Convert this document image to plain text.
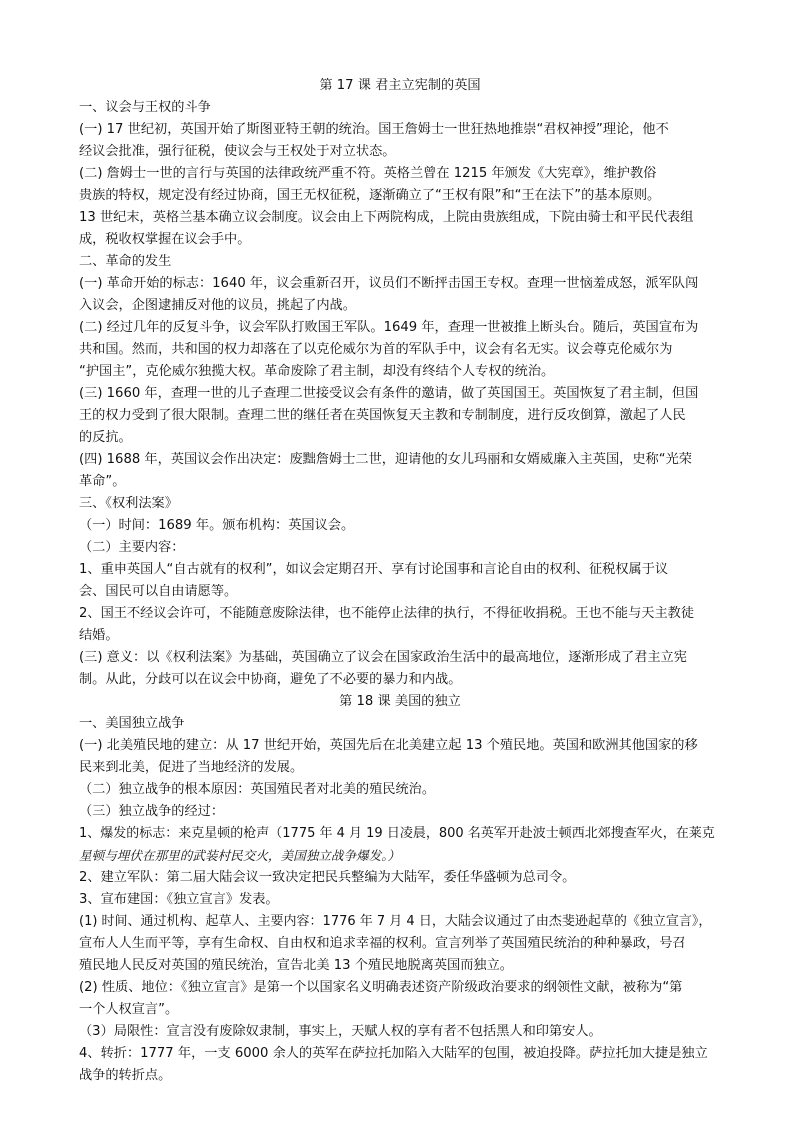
第 17 课 君主立宪制的英国
一、议会与王权的斗争
(一) 17 世纪初，英国开始了斯图亚特王朝的统治。国王詹姆士一世狂热地推崇“君权神授”理论，他不
经议会批准，强行征税，使议会与王权处于对立状态。
(二) 詹姆士一世的言行与英国的法律政统严重不符。英格兰曾在 1215 年颁发《大宪章》，维护教俗
贵族的特权，规定没有经过协商，国王无权征税，逐渐确立了“王权有限”和“王在法下”的基本原则。
13 世纪末，英格兰基本确立议会制度。议会由上下两院构成，上院由贵族组成，下院由骑士和平民代表组
成，税收权掌握在议会手中。
二、革命的发生
(一) 革命开始的标志：1640 年，议会重新召开，议员们不断抨击国王专权。查理一世恼羞成怒，派军队闯
入议会，企图逮捕反对他的议员，挑起了内战。
(二) 经过几年的反复斗争，议会军队打败国王军队。1649 年，查理一世被推上断头台。随后，英国宣布为
共和国。然而，共和国的权力却落在了以克伦威尔为首的军队手中，议会有名无实。议会尊克伦威尔为
“护国主”，克伦威尔独揽大权。革命废除了君主制，却没有终结个人专权的统治。
(三) 1660 年，查理一世的儿子查理二世接受议会有条件的邀请，做了英国国王。英国恢复了君主制，但国
王的权力受到了很大限制。查理二世的继任者在英国恢复天主教和专制制度，进行反攻倒算，激起了人民
的反抗。
(四) 1688 年，英国议会作出决定：废黜詹姆士二世，迎请他的女儿玛丽和女婿威廉入主英国，史称“光荣
革命”。
三、《权利法案》
（一）时间：1689 年。颁布机构：英国议会。
（二）主要内容：
1、重申英国人“自古就有的权利”，如议会定期召开、享有讨论国事和言论自由的权利、征税权属于议
会、国民可以自由请愿等。
2、国王不经议会许可，不能随意废除法律，也不能停止法律的执行，不得征收捐税。王也不能与天主教徒
结婚。
(三) 意义：以《权利法案》为基础，英国确立了议会在国家政治生活中的最高地位，逐渐形成了君主立宪
制。从此，分歧可以在议会中协商，避免了不必要的暴力和内战。
第 18 课 美国的独立
一、美国独立战争
(一) 北美殖民地的建立：从 17 世纪开始，英国先后在北美建立起 13 个殖民地。英国和欧洲其他国家的移
民来到北美，促进了当地经济的发展。
（二）独立战争的根本原因：英国殖民者对北美的殖民统治。
（三）独立战争的经过：
1、爆发的标志：来克星顿的枪声（1775 年 4 月 19 日凌晨，800 名英军开赴波士顿西北郊搜查军火，在莱克
星顿与埋伏在那里的武装村民交火，美国独立战争爆发。）
2、建立军队：第二届大陆会议一致决定把民兵整编为大陆军，委任华盛顿为总司令。
3、宣布建国：《独立宣言》发表。
(1) 时间、通过机构、起草人、主要内容：1776 年 7 月 4 日，大陆会议通过了由杰斐逊起草的《独立宣言》，
宣布人人生而平等，享有生命权、自由权和追求幸福的权利。宣言列举了英国殖民统治的种种暴政，号召
殖民地人民反对英国的殖民统治，宣告北美 13 个殖民地脱离英国而独立。
(2) 性质、地位：《独立宣言》是第一个以国家名义明确表述资产阶级政治要求的纲领性文献，被称为“第
一个人权宣言”。
（3）局限性：宣言没有废除奴隶制，事实上，天赋人权的享有者不包括黑人和印第安人。
4、转折：1777 年，一支 6000 余人的英军在萨拉托加陷入大陆军的包围，被迫投降。萨拉托加大捷是独立
战争的转折点。
